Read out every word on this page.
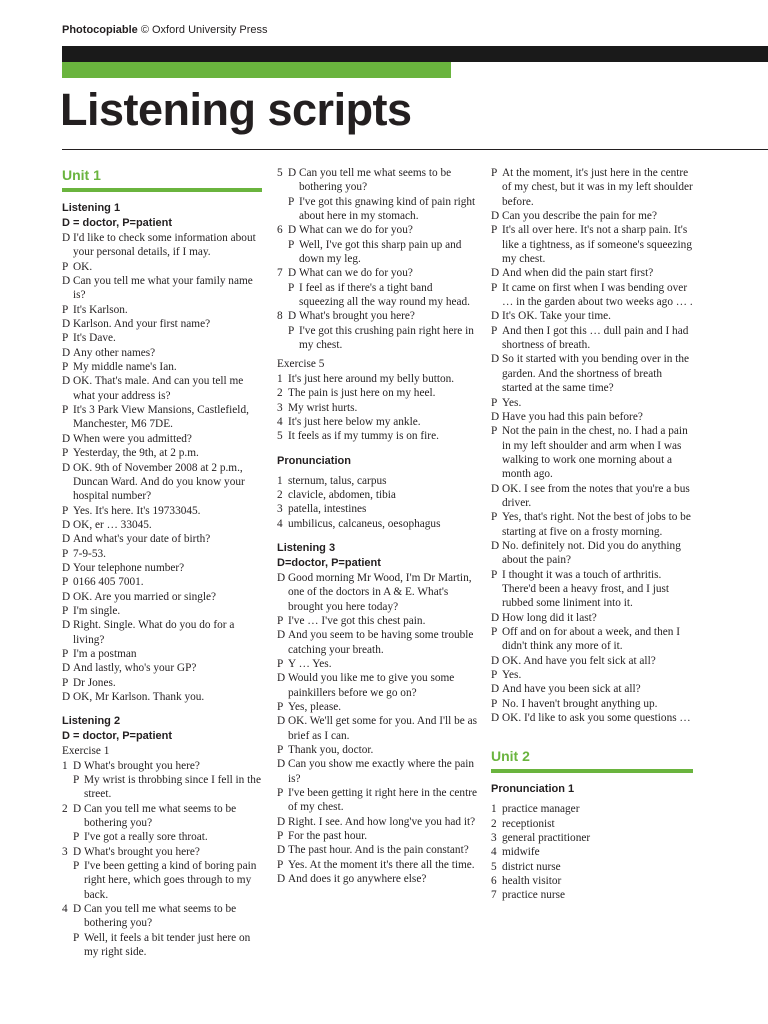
Photocopiable © Oxford University Press
Listening scripts
Unit 1
Listening 1
D = doctor, P=patient
D I'd like to check some information about your personal details, if I may.
P OK.
D Can you tell me what your family name is?
P It's Karlson.
D Karlson. And your first name?
P It's Dave.
D Any other names?
P My middle name's Ian.
D OK. That's male. And can you tell me what your address is?
P It's 3 Park View Mansions, Castlefield, Manchester, M6 7DE.
D When were you admitted?
P Yesterday, the 9th, at 2 p.m.
D OK. 9th of November 2008 at 2 p.m., Duncan Ward. And do you know your hospital number?
P Yes. It's here. It's 19733045.
D OK, er … 33045.
D And what's your date of birth?
P 7-9-53.
D Your telephone number?
P 0166 405 7001.
D OK. Are you married or single?
P I'm single.
D Right. Single. What do you do for a living?
P I'm a postman
D And lastly, who's your GP?
P Dr Jones.
D OK, Mr Karlson. Thank you.
Listening 2
D = doctor, P=patient
Exercise 1
1 D What's brought you here?
P My wrist is throbbing since I fell in the street.
2 D Can you tell me what seems to be bothering you?
P I've got a really sore throat.
3 D What's brought you here?
P I've been getting a kind of boring pain right here, which goes through to my back.
4 D Can you tell me what seems to be bothering you?
P Well, it feels a bit tender just here on my right side.
5 D Can you tell me what seems to be bothering you?
P I've got this gnawing kind of pain right about here in my stomach.
6 D What can we do for you?
P Well, I've got this sharp pain up and down my leg.
7 D What can we do for you?
P I feel as if there's a tight band squeezing all the way round my head.
8 D What's brought you here?
P I've got this crushing pain right here in my chest.
Exercise 5
1 It's just here around my belly button.
2 The pain is just here on my heel.
3 My wrist hurts.
4 It's just here below my ankle.
5 It feels as if my tummy is on fire.
Pronunciation
1 sternum, talus, carpus
2 clavicle, abdomen, tibia
3 patella, intestines
4 umbilicus, calcaneus, oesophagus
Listening 3
D=doctor, P=patient
D Good morning Mr Wood, I'm Dr Martin, one of the doctors in A & E. What's brought you here today?
P I've … I've got this chest pain.
D And you seem to be having some trouble catching your breath.
P Y … Yes.
D Would you like me to give you some painkillers before we go on?
P Yes, please.
D OK. We'll get some for you. And I'll be as brief as I can.
P Thank you, doctor.
D Can you show me exactly where the pain is?
P I've been getting it right here in the centre of my chest.
D Right. I see. And how long've you had it?
P For the past hour.
D The past hour. And is the pain constant?
P Yes. At the moment it's there all the time.
D And does it go anywhere else?
P At the moment, it's just here in the centre of my chest, but it was in my left shoulder before.
D Can you describe the pain for me?
P It's all over here. It's not a sharp pain. It's like a tightness, as if someone's squeezing my chest.
D And when did the pain start first?
P It came on first when I was bending over … in the garden about two weeks ago … .
D It's OK. Take your time.
P And then I got this … dull pain and I had shortness of breath.
D So it started with you bending over in the garden. And the shortness of breath started at the same time?
P Yes.
D Have you had this pain before?
P Not the pain in the chest, no. I had a pain in my left shoulder and arm when I was walking to work one morning about a month ago.
D OK. I see from the notes that you're a bus driver.
P Yes, that's right. Not the best of jobs to be starting at five on a frosty morning.
D No. definitely not. Did you do anything about the pain?
P I thought it was a touch of arthritis. There'd been a heavy frost, and I just rubbed some liniment into it.
D How long did it last?
P Off and on for about a week, and then I didn't think any more of it.
D OK. And have you felt sick at all?
P Yes.
D And have you been sick at all?
P No. I haven't brought anything up.
D OK. I'd like to ask you some questions …
Unit 2
Pronunciation 1
1 practice manager
2 receptionist
3 general practitioner
4 midwife
5 district nurse
6 health visitor
7 practice nurse
